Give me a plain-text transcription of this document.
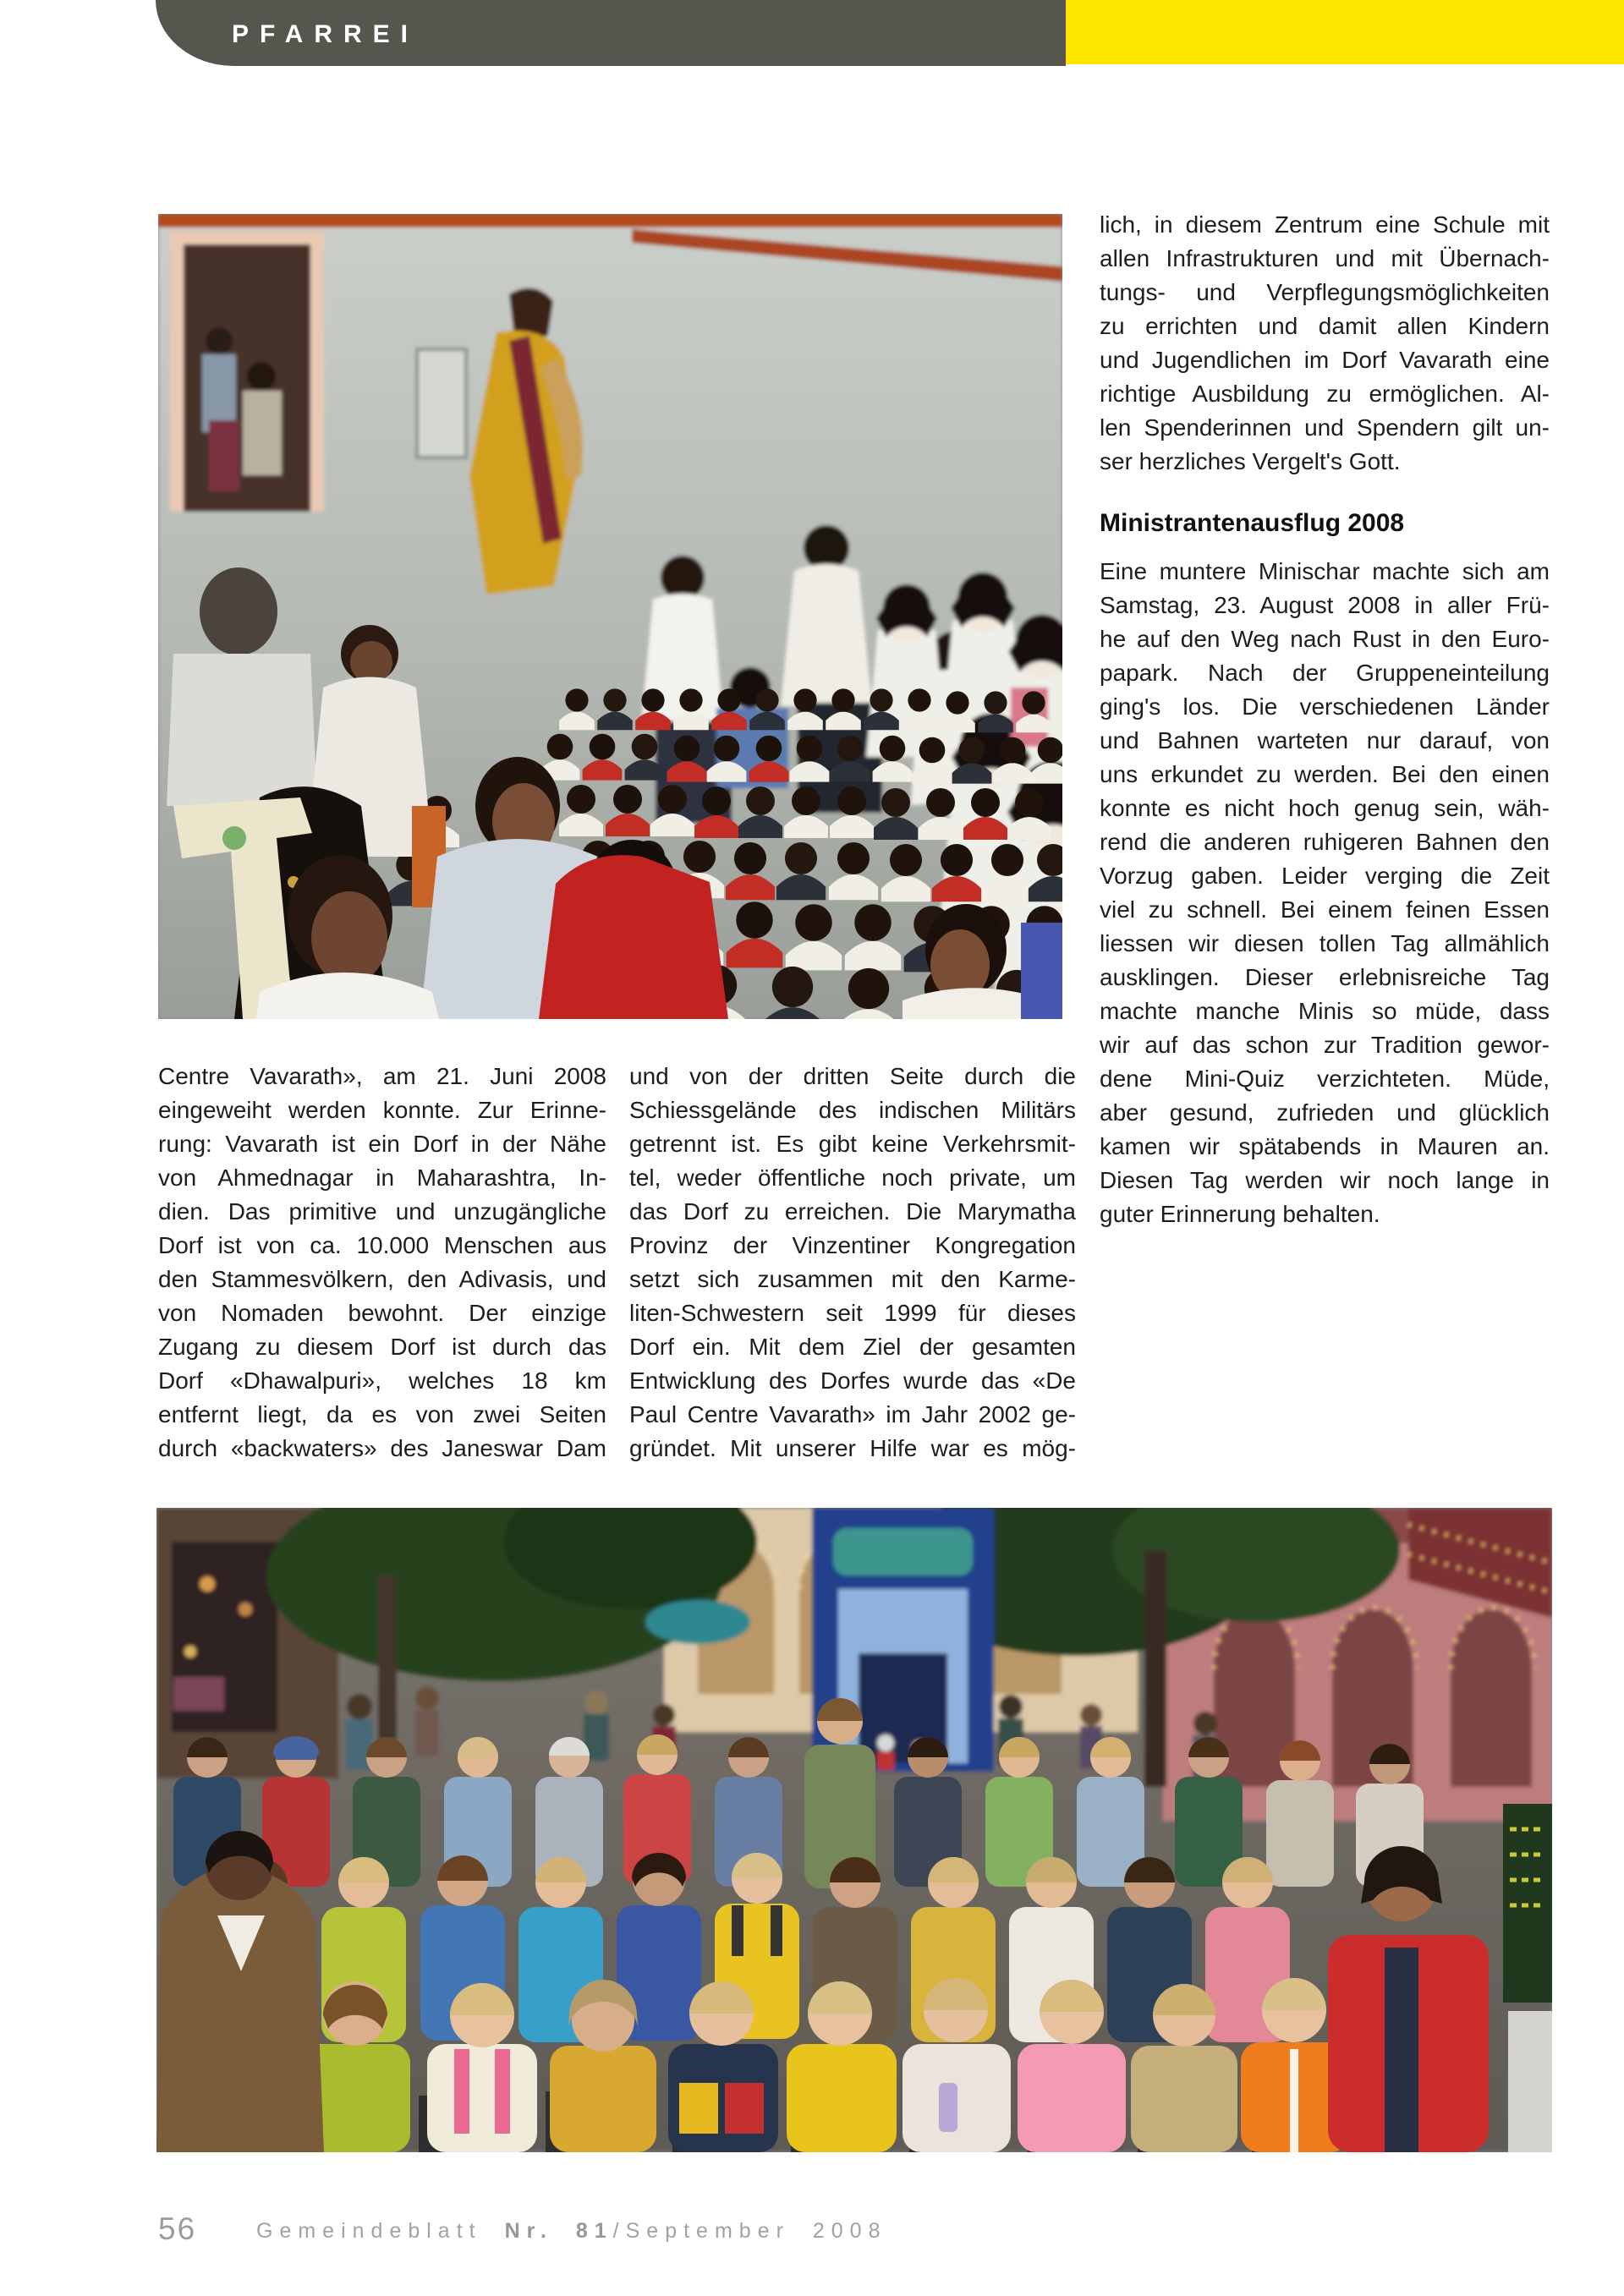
PFARREI
lich, in diesem Zentrum eine Schule mit
allen Infrastrukturen und mit Übernach-
tungs- und Verpflegungsmöglichkeiten
zu errichten und damit allen Kindern
und Jugendlichen im Dorf Vavarath eine
richtige Ausbildung zu ermöglichen. Al-
len Spenderinnen und Spendern gilt un-
ser herzliches Vergelt's Gott.
Ministrantenausflug 2008
Eine muntere Minischar machte sich am
Samstag, 23. August 2008 in aller Frü-
he auf den Weg nach Rust in den Euro-
papark. Nach der Gruppeneinteilung
ging's los. Die verschiedenen Länder
und Bahnen warteten nur darauf, von
uns erkundet zu werden. Bei den einen
konnte es nicht hoch genug sein, wäh-
rend die anderen ruhigeren Bahnen den
Vorzug gaben. Leider verging die Zeit
viel zu schnell. Bei einem feinen Essen
liessen wir diesen tollen Tag allmählich
ausklingen. Dieser erlebnisreiche Tag
machte manche Minis so müde, dass
wir auf das schon zur Tradition gewor-
dene Mini-Quiz verzichteten. Müde,
aber gesund, zufrieden und glücklich
kamen wir spätabends in Mauren an.
Diesen Tag werden wir noch lange in
guter Erinnerung behalten.
Centre Vavarath», am 21. Juni 2008
eingeweiht werden konnte. Zur Erinne-
rung: Vavarath ist ein Dorf in der Nähe
von Ahmednagar in Maharashtra, In-
dien. Das primitive und unzugängliche
Dorf ist von ca. 10.000 Menschen aus
den Stammesvölkern, den Adivasis, und
von Nomaden bewohnt. Der einzige
Zugang zu diesem Dorf ist durch das
Dorf «Dhawalpuri», welches 18 km
entfernt liegt, da es von zwei Seiten
durch «backwaters» des Janeswar Dam
und von der dritten Seite durch die
Schiessgelände des indischen Militärs
getrennt ist. Es gibt keine Verkehrsmit-
tel, weder öffentliche noch private, um
das Dorf zu erreichen. Die Marymatha
Provinz der Vinzentiner Kongregation
setzt sich zusammen mit den Karme-
liten-Schwestern seit 1999 für dieses
Dorf ein. Mit dem Ziel der gesamten
Entwicklung des Dorfes wurde das «De
Paul Centre Vavarath» im Jahr 2002 ge-
gründet. Mit unserer Hilfe war es mög-
56	Gemeindeblatt Nr. 81/September 2008
